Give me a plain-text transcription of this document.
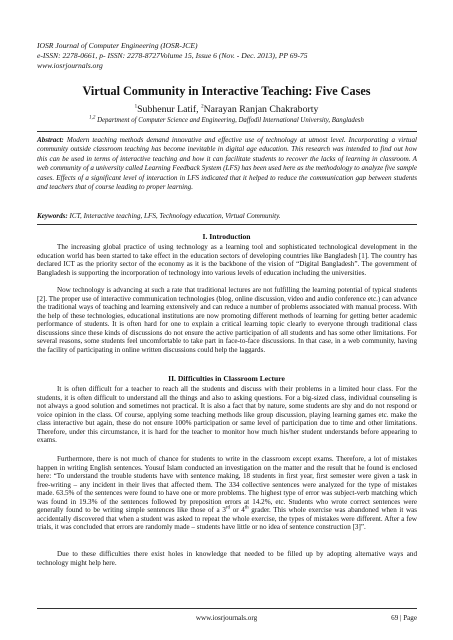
IOSR Journal of Computer Engineering (IOSR-JCE)
e-ISSN: 2278-0661, p- ISSN: 2278-8727Volume 15, Issue 6 (Nov. - Dec. 2013), PP 69-75
www.iosrjournals.org
Virtual Community in Interactive Teaching: Five Cases
$^1$Subhenur Latif, $^2$Narayan Ranjan Chakraborty
$^{1,2}$ Department of Computer Science and Engineering, Daffodil International University, Bangladesh
Abstract: Modern teaching methods demand innovative and effective use of technology at utmost level. Incorporating a virtual community outside classroom teaching has become inevitable in digital age education. This research was intended to find out how this can be used in terms of interactive teaching and how it can facilitate students to recover the lacks of learning in classroom. A web community of a university called Learning Feedback System (LFS) has been used here as the methodology to analyze five sample cases. Effects of a significant level of interaction in LFS indicated that it helped to reduce the communication gap between students and teachers that of course leading to proper learning.
Keywords: ICT, Interactive teaching, LFS, Technology education, Virtual Community.
I. Introduction

The increasing global practice of using technology as a learning tool and sophisticated technological development in the education world has been started to take effect in the education sectors of developing countries like Bangladesh [1]. The country has declared ICT as the priority sector of the economy as it is the backbone of the vision of “Digital Bangladesh”. The government of Bangladesh is supporting the incorporation of technology into various levels of education including the universities.

Now technology is advancing at such a rate that traditional lectures are not fulfilling the learning potential of typical students [2]. The proper use of interactive communication technologies (blog, online discussion, video and audio conference etc.) can advance the traditional ways of teaching and learning extensively and can reduce a number of problems associated with manual process. With the help of these technologies, educational institutions are now promoting different methods of learning for getting better academic performance of students. It is often hard for one to explain a critical learning topic clearly to everyone through traditional class discussions since these kinds of discussions do not ensure the active participation of all students and has some other limitations. For several reasons, some students feel uncomfortable to take part in face-to-face discussions. In that case, in a web community, having the facility of participating in online written discussions could help the laggards.

II. Difficulties in Classroom Lecture

It is often difficult for a teacher to reach all the students and discuss with their problems in a limited hour class. For the students, it is often difficult to understand all the things and also to asking questions. For a big-sized class, individual counseling is not always a good solution and sometimes not practical. It is also a fact that by nature, some students are shy and do not respond or voice opinion in the class. Of course, applying some teaching methods like group discussion, playing learning games etc. make the class interactive but again, these do not ensure 100% participation or same level of participation due to time and other limitations. Therefore, under this circumstance, it is hard for the teacher to monitor how much his/her student understands before appearing to exams.

Furthermore, there is not much of chance for students to write in the classroom except exams. Therefore, a lot of mistakes happen in writing English sentences. Yousuf Islam conducted an investigation on the matter and the result that he found is enclosed here: “To understand the trouble students have with sentence making, 18 students in first year, first semester were given a task in free-writing – any incident in their lives that affected them. The 334 collective sentences were analyzed for the type of mistakes made. 63.5% of the sentences were found to have one or more problems. The highest type of error was subject-verb matching which was found in 19.3% of the sentences followed by preposition errors at 14.2%, etc. Students who wrote correct sentences were generally found to be writing simple sentences like those of a 3rd or 4th grader. This whole exercise was abandoned when it was accidentally discovered that when a student was asked to repeat the whole exercise, the types of mistakes were different. After a few trials, it was concluded that errors are randomly made – students have little or no idea of sentence construction [3]”.

Due to these difficulties there exist holes in knowledge that needed to be filled up by adopting alternative ways and technology might help here.

www.iosrjournals.org	69 | Page
